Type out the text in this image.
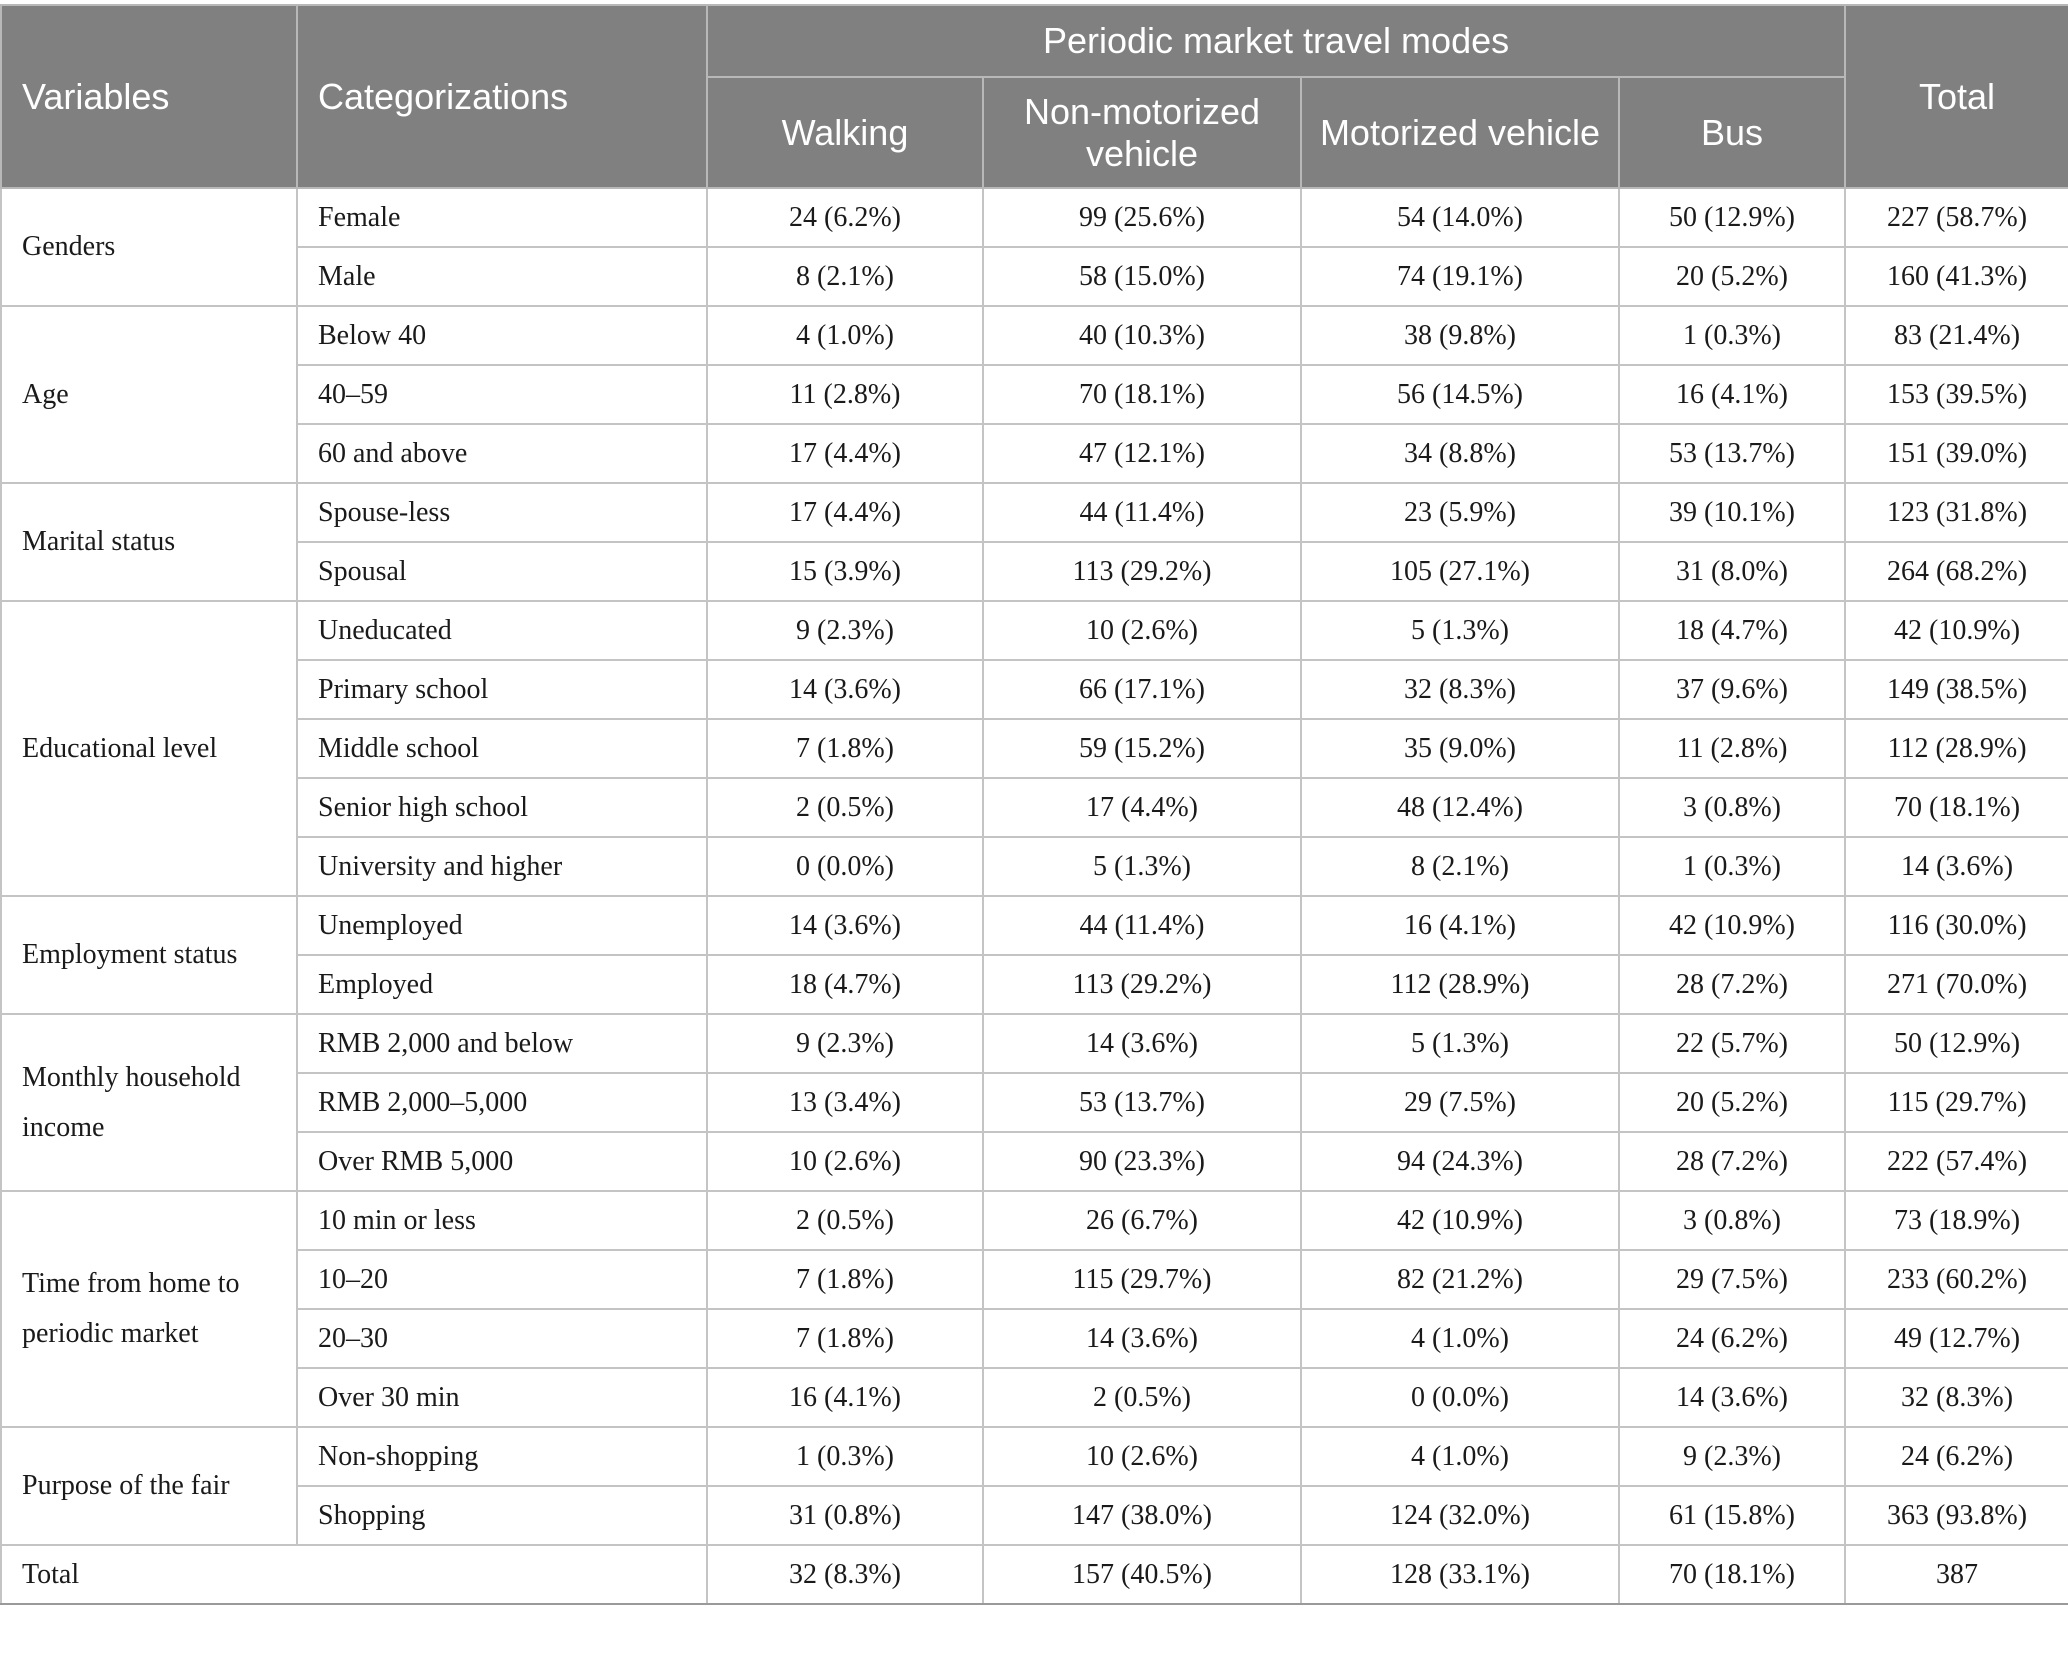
Variables	Categorizations	Periodic market travel modes				Total
		Walking	Non-motorized vehicle	Motorized vehicle	Bus	
Genders	Female	24 (6.2%)	99 (25.6%)	54 (14.0%)	50 (12.9%)	227 (58.7%)
	Male	8 (2.1%)	58 (15.0%)	74 (19.1%)	20 (5.2%)	160 (41.3%)
Age	Below 40	4 (1.0%)	40 (10.3%)	38 (9.8%)	1 (0.3%)	83 (21.4%)
	40–59	11 (2.8%)	70 (18.1%)	56 (14.5%)	16 (4.1%)	153 (39.5%)
	60 and above	17 (4.4%)	47 (12.1%)	34 (8.8%)	53 (13.7%)	151 (39.0%)
Marital status	Spouse-less	17 (4.4%)	44 (11.4%)	23 (5.9%)	39 (10.1%)	123 (31.8%)
	Spousal	15 (3.9%)	113 (29.2%)	105 (27.1%)	31 (8.0%)	264 (68.2%)
Educational level	Uneducated	9 (2.3%)	10 (2.6%)	5 (1.3%)	18 (4.7%)	42 (10.9%)
	Primary school	14 (3.6%)	66 (17.1%)	32 (8.3%)	37 (9.6%)	149 (38.5%)
	Middle school	7 (1.8%)	59 (15.2%)	35 (9.0%)	11 (2.8%)	112 (28.9%)
	Senior high school	2 (0.5%)	17 (4.4%)	48 (12.4%)	3 (0.8%)	70 (18.1%)
	University and higher	0 (0.0%)	5 (1.3%)	8 (2.1%)	1 (0.3%)	14 (3.6%)
Employment status	Unemployed	14 (3.6%)	44 (11.4%)	16 (4.1%)	42 (10.9%)	116 (30.0%)
	Employed	18 (4.7%)	113 (29.2%)	112 (28.9%)	28 (7.2%)	271 (70.0%)
Monthly household income	RMB 2,000 and below	9 (2.3%)	14 (3.6%)	5 (1.3%)	22 (5.7%)	50 (12.9%)
	RMB 2,000–5,000	13 (3.4%)	53 (13.7%)	29 (7.5%)	20 (5.2%)	115 (29.7%)
	Over RMB 5,000	10 (2.6%)	90 (23.3%)	94 (24.3%)	28 (7.2%)	222 (57.4%)
Time from home to periodic market	10 min or less	2 (0.5%)	26 (6.7%)	42 (10.9%)	3 (0.8%)	73 (18.9%)
	10–20	7 (1.8%)	115 (29.7%)	82 (21.2%)	29 (7.5%)	233 (60.2%)
	20–30	7 (1.8%)	14 (3.6%)	4 (1.0%)	24 (6.2%)	49 (12.7%)
	Over 30 min	16 (4.1%)	2 (0.5%)	0 (0.0%)	14 (3.6%)	32 (8.3%)
Purpose of the fair	Non-shopping	1 (0.3%)	10 (2.6%)	4 (1.0%)	9 (2.3%)	24 (6.2%)
	Shopping	31 (0.8%)	147 (38.0%)	124 (32.0%)	61 (15.8%)	363 (93.8%)
Total		32 (8.3%)	157 (40.5%)	128 (33.1%)	70 (18.1%)	387
